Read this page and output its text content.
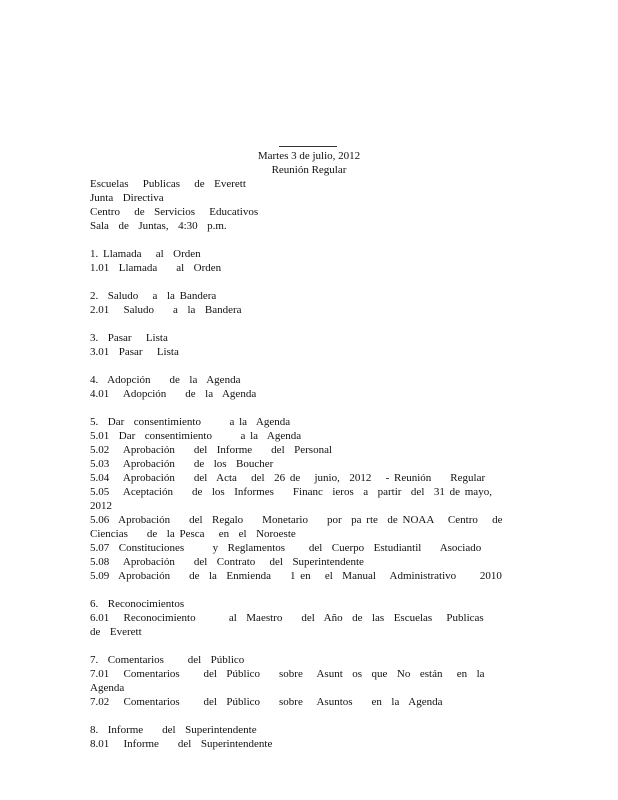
Martes 3 de julio, 2012
Reunión Regular
Escuelas   Publicas   de  Everett
Junta  Directiva
Centro   de  Servicios   Educativos
Sala  de  Juntas,  4:30  p.m.
1. Llamada   al  Orden
1.01  Llamada    al  Orden
2.  Saludo   a  la Bandera
2.01   Saludo    a  la  Bandera
3.  Pasar   Lista
3.01  Pasar   Lista
4.  Adopción    de  la  Agenda
4.01   Adopción    de  la  Agenda
5.  Dar  consentimiento      a la  Agenda
5.01  Dar  consentimiento      a la  Agenda
5.02   Aprobación    del  Informe    del  Personal
5.03   Aprobación    de  los  Boucher
5.04   Aprobación    del  Acta   del  26 de   junio,  2012   - Reunión    Regular
5.05   Aceptación    de  los  Informes    Financ  ieros  a  partir  del  31 de mayo,   2012
5.06  Aprobación    del  Regalo    Monetario    por  pa rte  de NOAA   Centro   de  Ciencias    de  la Pesca   en  el  Noroeste
5.07  Constituciones      y  Reglamentos     del  Cuerpo  Estudiantil    Asociado
5.08   Aprobación    del  Contrato   del  Superintendente
5.09  Aprobación    de  la  Enmienda    1 en   el  Manual   Administrativo     2010
6.  Reconocimientos
6.01   Reconocimiento       al  Maestro    del  Año  de  las  Escuelas   Publicas    de  Everett
7.  Comentarios     del  Público
7.01   Comentarios     del  Público    sobre   Asunt  os  que  No  están   en  la  Agenda
7.02   Comentarios     del  Público    sobre   Asuntos    en  la  Agenda
8.  Informe    del  Superintendente
8.01   Informe    del  Superintendente
